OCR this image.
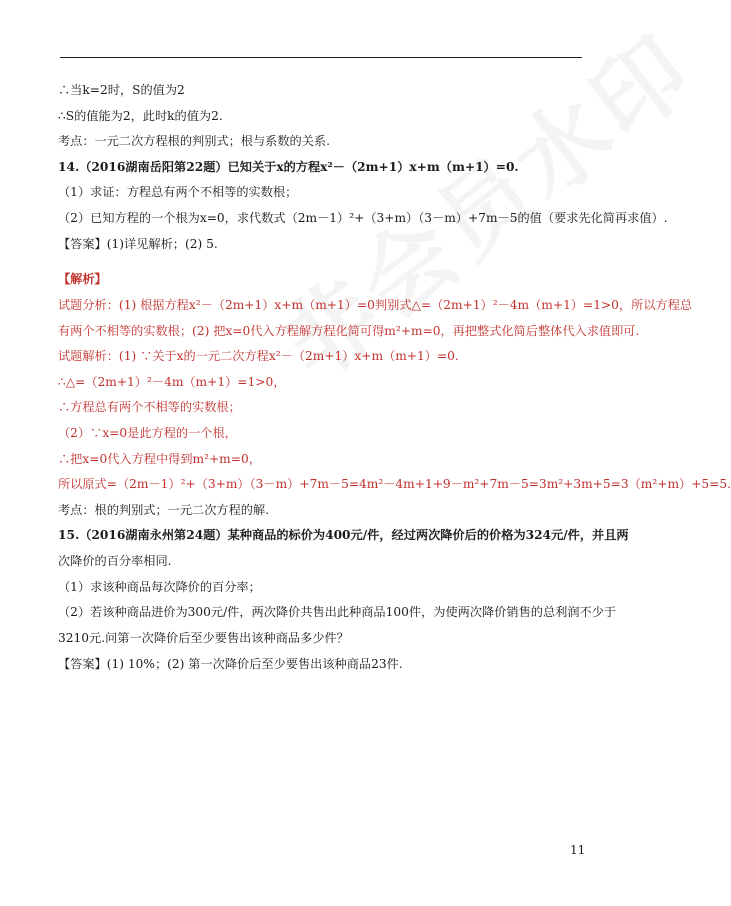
∴当k=2时，S的值为2
∴S的值能为2，此时k的值为2.
考点：一元二次方程根的判别式；根与系数的关系.
14.（2016湖南岳阳第22题）已知关于x的方程x²－（2m+1）x+m（m+1）=0.
（1）求证：方程总有两个不相等的实数根；
（2）已知方程的一个根为x=0，求代数式（2m－1）²+（3+m）（3－m）+7m－5的值（要求先化简再求值）.
【答案】(1)详见解析；(2) 5.
【解析】
试题分析：(1) 根据方程x²－（2m+1）x+m（m+1）=0判别式△=（2m+1）²－4m（m+1）=1>0，所以方程总
有两个不相等的实数根；(2) 把x=0代入方程解方程化简可得m²+m=0，再把整式化简后整体代入求值即可.
试题解析：(1) ∵关于x的一元二次方程x²－（2m+1）x+m（m+1）=0.
∴△=（2m+1）²－4m（m+1）=1>0，
∴方程总有两个不相等的实数根；
（2）∵x=0是此方程的一个根，
∴把x=0代入方程中得到m²+m=0，
所以原式=（2m－1）²+（3+m）（3－m）+7m－5=4m²－4m+1+9－m²+7m－5=3m²+3m+5=3（m²+m）+5=5.
考点：根的判别式；一元二次方程的解.
15.（2016湖南永州第24题）某种商品的标价为400元/件，经过两次降价后的价格为324元/件，并且两
次降价的百分率相同.
（1）求该种商品每次降价的百分率；
（2）若该种商品进价为300元/件，两次降价共售出此种商品100件，为使两次降价销售的总利润不少于
3210元.问第一次降价后至少要售出该种商品多少件？
【答案】(1) 10%；(2) 第一次降价后至少要售出该种商品23件.
11
